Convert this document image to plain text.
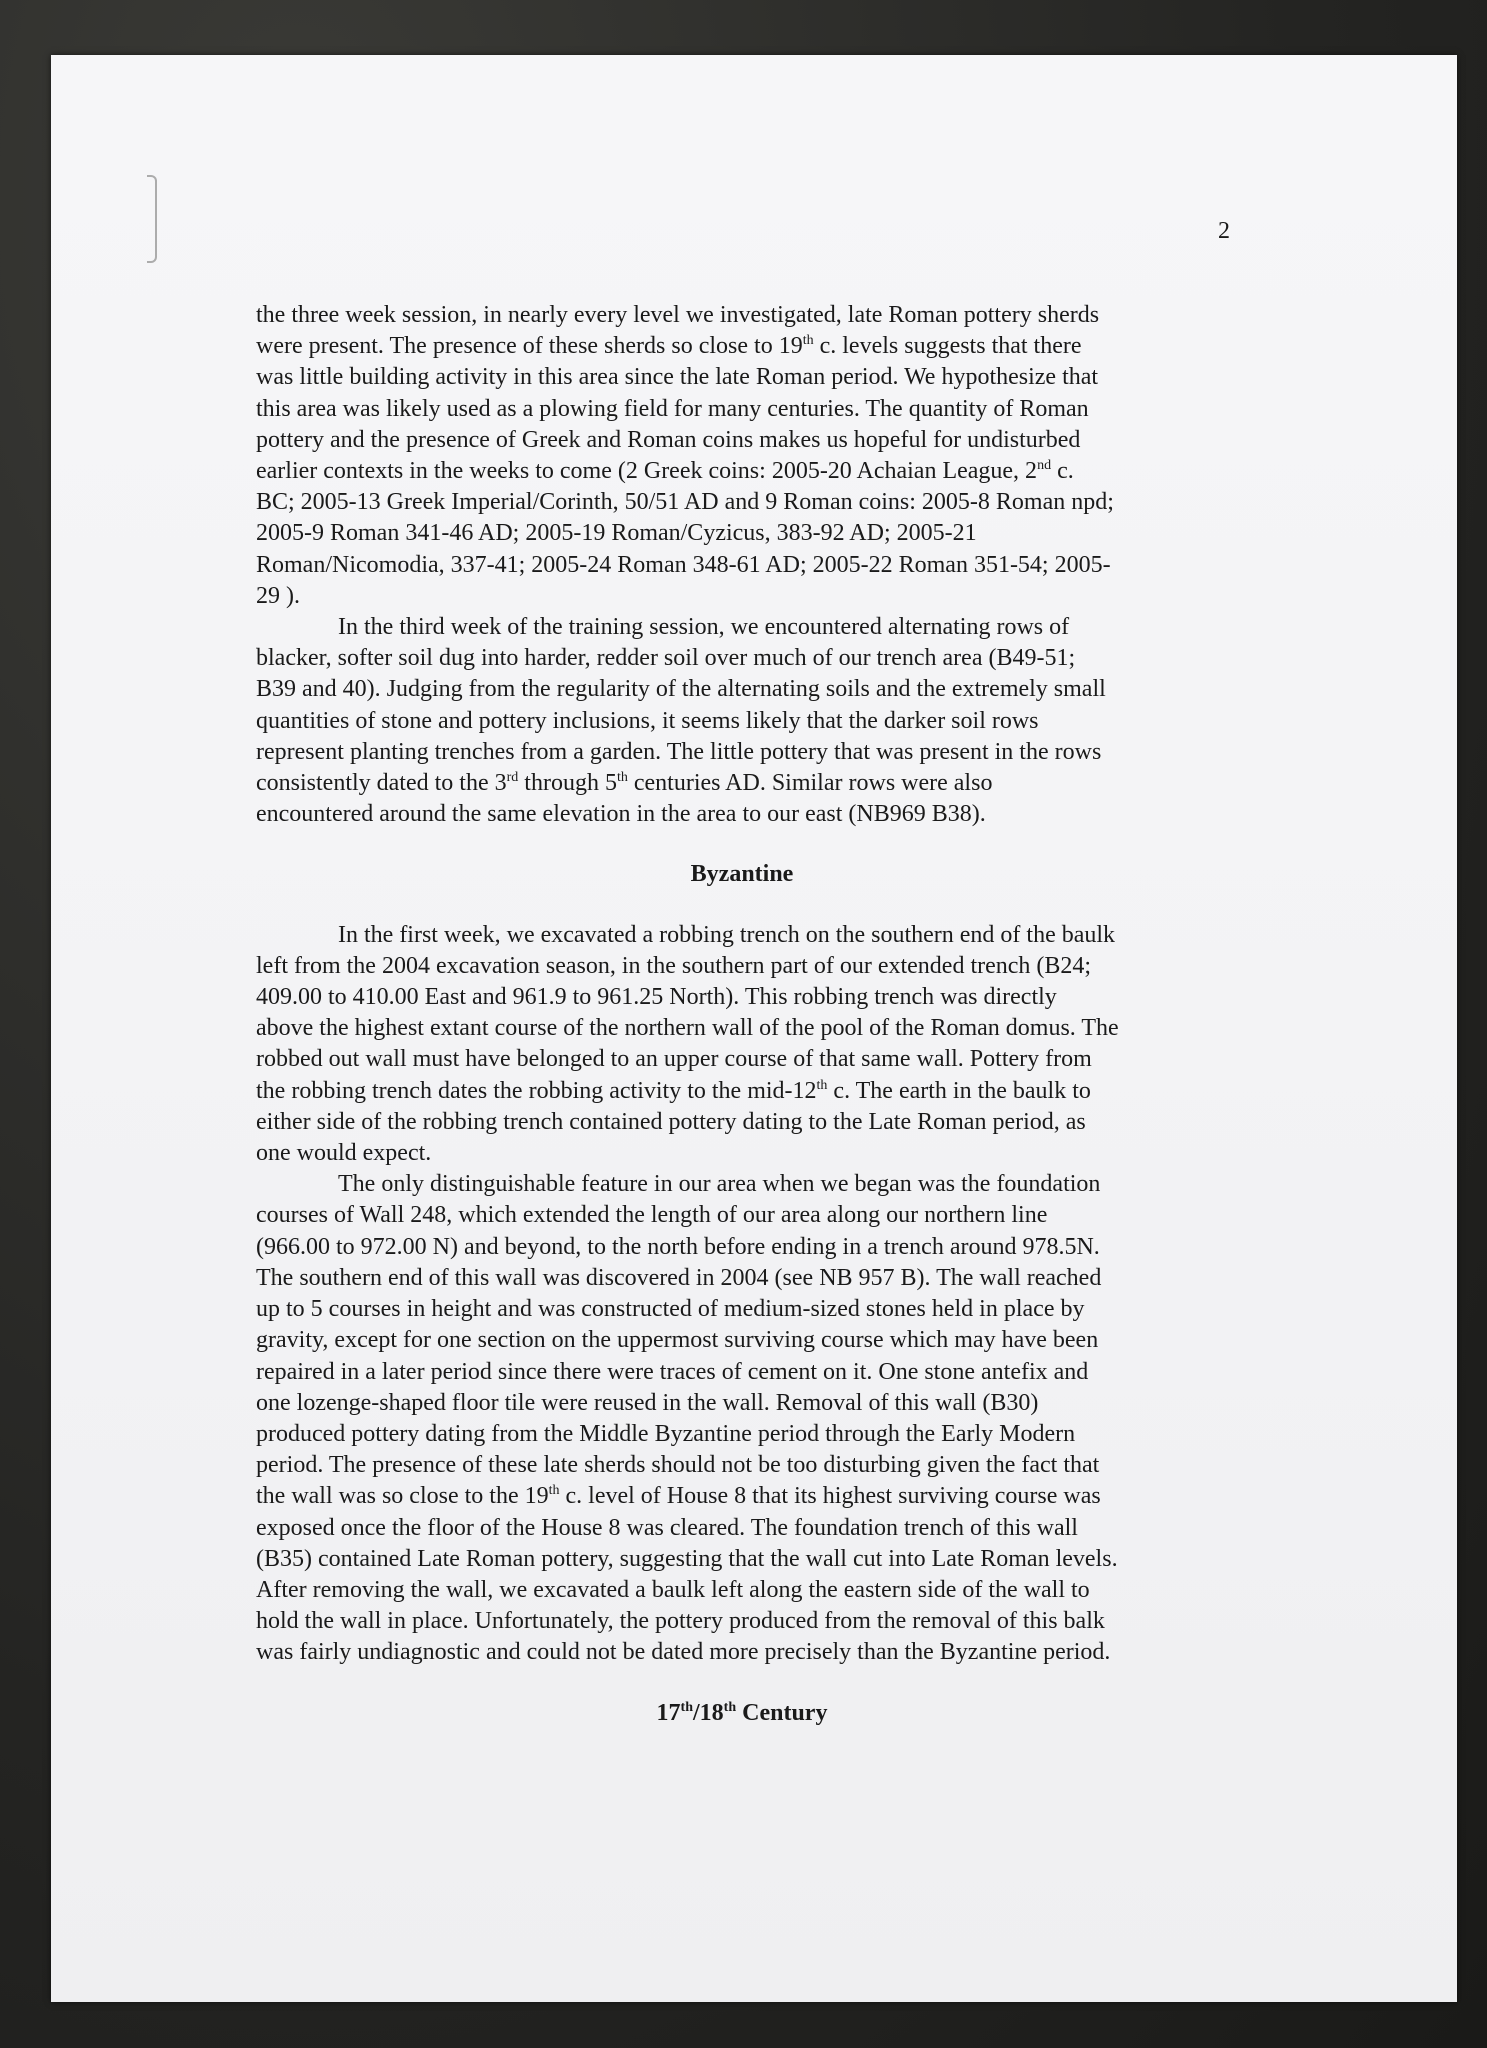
2

the three week session, in nearly every level we investigated, late Roman pottery sherds
were present. The presence of these sherds so close to 19th c. levels suggests that there
was little building activity in this area since the late Roman period. We hypothesize that
this area was likely used as a plowing field for many centuries. The quantity of Roman
pottery and the presence of Greek and Roman coins makes us hopeful for undisturbed
earlier contexts in the weeks to come (2 Greek coins: 2005-20 Achaian League, 2nd c.
BC; 2005-13 Greek Imperial/Corinth, 50/51 AD and 9 Roman coins: 2005-8 Roman npd;
2005-9 Roman 341-46 AD; 2005-19 Roman/Cyzicus, 383-92 AD; 2005-21
Roman/Nicomodia, 337-41; 2005-24 Roman 348-61 AD; 2005-22 Roman 351-54; 2005-
29 ).

In the third week of the training session, we encountered alternating rows of
blacker, softer soil dug into harder, redder soil over much of our trench area (B49-51;
B39 and 40). Judging from the regularity of the alternating soils and the extremely small
quantities of stone and pottery inclusions, it seems likely that the darker soil rows
represent planting trenches from a garden. The little pottery that was present in the rows
consistently dated to the 3rd through 5th centuries AD. Similar rows were also
encountered around the same elevation in the area to our east (NB969 B38).

Byzantine

In the first week, we excavated a robbing trench on the southern end of the baulk
left from the 2004 excavation season, in the southern part of our extended trench (B24;
409.00 to 410.00 East and 961.9 to 961.25 North). This robbing trench was directly
above the highest extant course of the northern wall of the pool of the Roman domus. The
robbed out wall must have belonged to an upper course of that same wall. Pottery from
the robbing trench dates the robbing activity to the mid-12th c. The earth in the baulk to
either side of the robbing trench contained pottery dating to the Late Roman period, as
one would expect.

The only distinguishable feature in our area when we began was the foundation
courses of Wall 248, which extended the length of our area along our northern line
(966.00 to 972.00 N) and beyond, to the north before ending in a trench around 978.5N.
The southern end of this wall was discovered in 2004 (see NB 957 B). The wall reached
up to 5 courses in height and was constructed of medium-sized stones held in place by
gravity, except for one section on the uppermost surviving course which may have been
repaired in a later period since there were traces of cement on it. One stone antefix and
one lozenge-shaped floor tile were reused in the wall. Removal of this wall (B30)
produced pottery dating from the Middle Byzantine period through the Early Modern
period. The presence of these late sherds should not be too disturbing given the fact that
the wall was so close to the 19th c. level of House 8 that its highest surviving course was
exposed once the floor of the House 8 was cleared. The foundation trench of this wall
(B35) contained Late Roman pottery, suggesting that the wall cut into Late Roman levels.
After removing the wall, we excavated a baulk left along the eastern side of the wall to
hold the wall in place. Unfortunately, the pottery produced from the removal of this balk
was fairly undiagnostic and could not be dated more precisely than the Byzantine period.

17th/18th Century
